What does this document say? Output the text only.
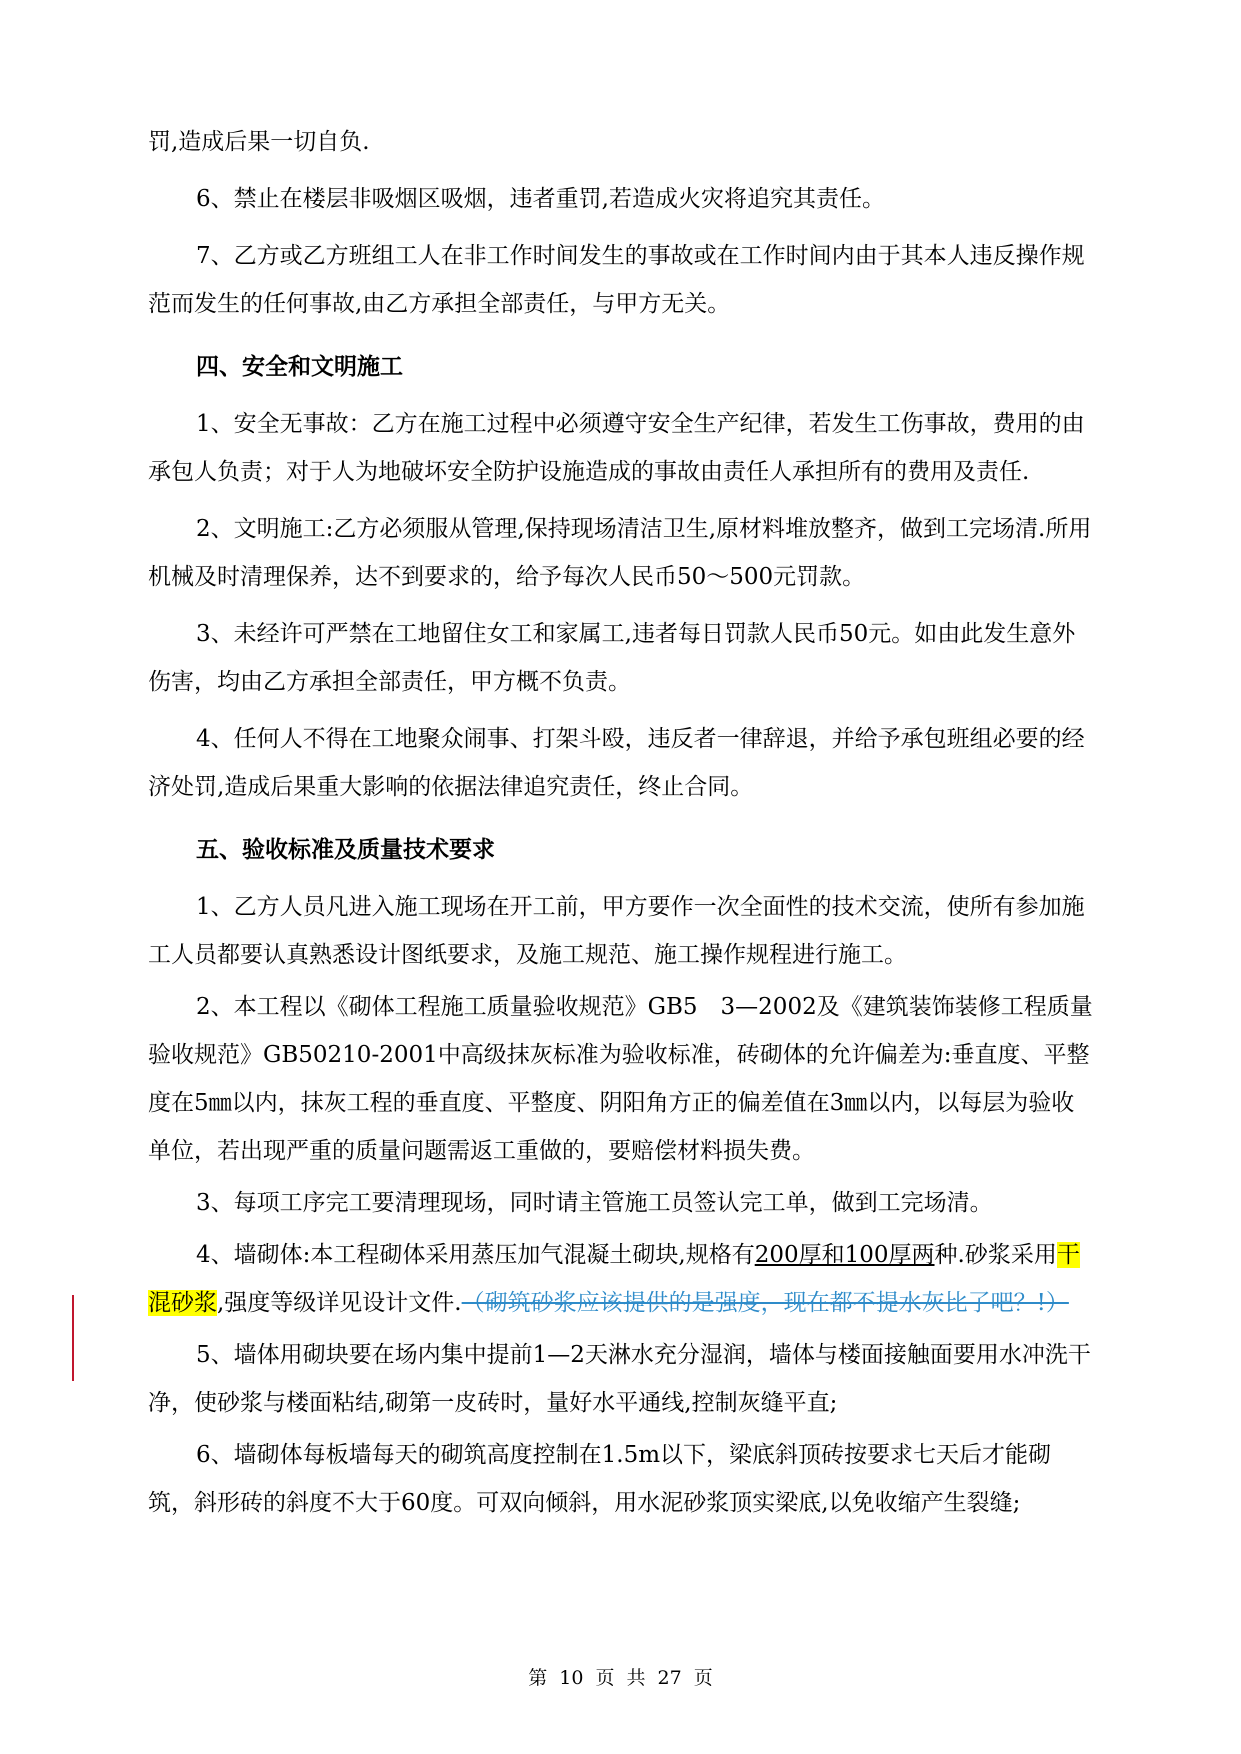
罚,造成后果一切自负.

6、禁止在楼层非吸烟区吸烟，违者重罚,若造成火灾将追究其责任。

7、乙方或乙方班组工人在非工作时间发生的事故或在工作时间内由于其本人违反操作规范而发生的任何事故,由乙方承担全部责任，与甲方无关。

四、安全和文明施工

1、安全无事故：乙方在施工过程中必须遵守安全生产纪律，若发生工伤事故，费用的由承包人负责；对于人为地破坏安全防护设施造成的事故由责任人承担所有的费用及责任.

2、文明施工:乙方必须服从管理,保持现场清洁卫生,原材料堆放整齐，做到工完场清.所用机械及时清理保养，达不到要求的，给予每次人民币50～500元罚款。

3、未经许可严禁在工地留住女工和家属工,违者每日罚款人民币50元。如由此发生意外伤害，均由乙方承担全部责任，甲方概不负责。

4、任何人不得在工地聚众闹事、打架斗殴，违反者一律辞退，并给予承包班组必要的经济处罚,造成后果重大影响的依据法律追究责任，终止合同。

五、验收标准及质量技术要求

1、乙方人员凡进入施工现场在开工前，甲方要作一次全面性的技术交流，使所有参加施工人员都要认真熟悉设计图纸要求，及施工规范、施工操作规程进行施工。

2、本工程以《砌体工程施工质量验收规范》GB5　3—2002及《建筑装饰装修工程质量验收规范》GB50210-2001中高级抹灰标准为验收标准，砖砌体的允许偏差为:垂直度、平整度在5㎜以内，抹灰工程的垂直度、平整度、阴阳角方正的偏差值在3㎜以内，以每层为验收单位，若出现严重的质量问题需返工重做的，要赔偿材料损失费。

3、每项工序完工要清理现场，同时请主管施工员签认完工单，做到工完场清。

4、墙砌体:本工程砌体采用蒸压加气混凝土砌块,规格有200厚和100厚两种.砂浆采用干混砂浆,强度等级详见设计文件.（砌筑砂浆应该提供的是强度，现在都不提水灰比了吧？!）

5、墙体用砌块要在场内集中提前1—2天淋水充分湿润，墙体与楼面接触面要用水冲洗干净，使砂浆与楼面粘结,砌第一皮砖时，量好水平通线,控制灰缝平直;

6、墙砌体每板墙每天的砌筑高度控制在1.5m以下，梁底斜顶砖按要求七天后才能砌筑，斜形砖的斜度不大于60度。可双向倾斜，用水泥砂浆顶实梁底,以免收缩产生裂缝;

第 10 页 共 27 页
